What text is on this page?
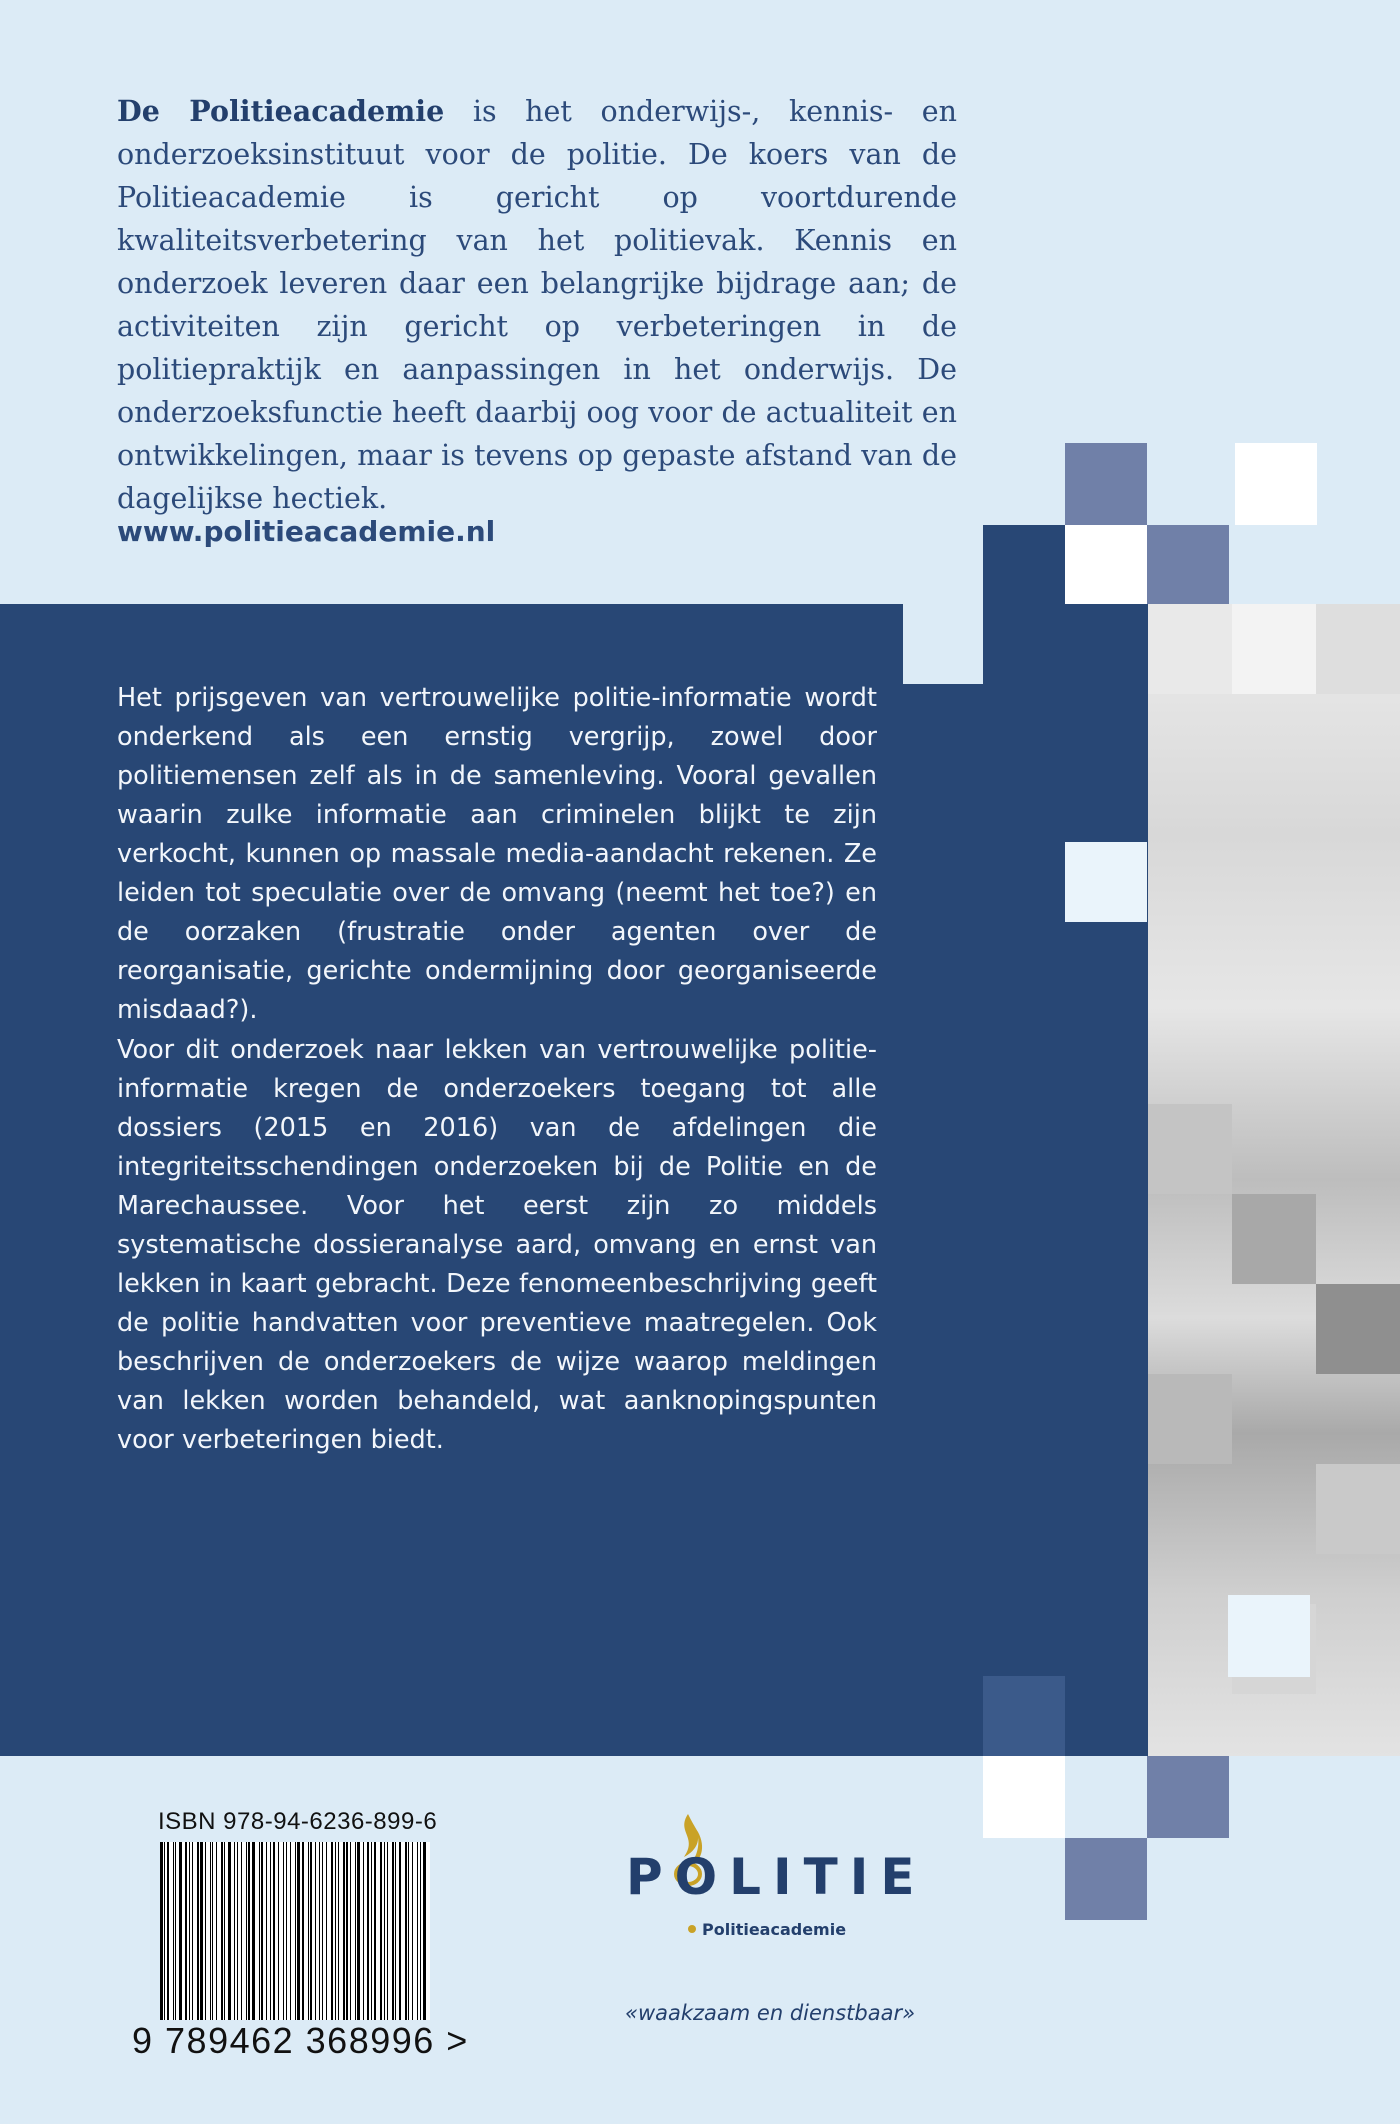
De Politieacademie is het onderwijs-, kennis- en onderzoeksinstituut voor de politie. De koers van de Politieacademie is gericht op voortdurende kwaliteitsverbetering van het politievak. Kennis en onderzoek leveren daar een belangrijke bijdrage aan; de activiteiten zijn gericht op verbeteringen in de politiepraktijk en aanpassingen in het onderwijs. De onderzoeksfunctie heeft daarbij oog voor de actualiteit en ontwikkelingen, maar is tevens op gepaste afstand van de dagelijkse hectiek.

www.politieacademie.nl

Het prijsgeven van vertrouwelijke politie-informatie wordt onderkend als een ernstig vergrijp, zowel door politiemensen zelf als in de samenleving. Vooral gevallen waarin zulke informatie aan criminelen blijkt te zijn verkocht, kunnen op massale media-aandacht rekenen. Ze leiden tot speculatie over de omvang (neemt het toe?) en de oorzaken (frustratie onder agenten over de reorganisatie, gerichte ondermijning door georganiseerde misdaad?).

Voor dit onderzoek naar lekken van vertrouwelijke politie-informatie kregen de onderzoekers toegang tot alle dossiers (2015 en 2016) van de afdelingen die integriteitsschendingen onderzoeken bij de Politie en de Marechaussee. Voor het eerst zijn zo middels systematische dossieranalyse aard, omvang en ernst van lekken in kaart gebracht. Deze fenomeenbeschrijving geeft de politie handvatten voor preventieve maatregelen. Ook beschrijven de onderzoekers de wijze waarop meldingen van lekken worden behandeld, wat aanknopingspunten voor verbeteringen biedt.

ISBN 978-94-6236-899-6
9 789462 368996 >
POLITIE
Politieacademie
«waakzaam en dienstbaar»
